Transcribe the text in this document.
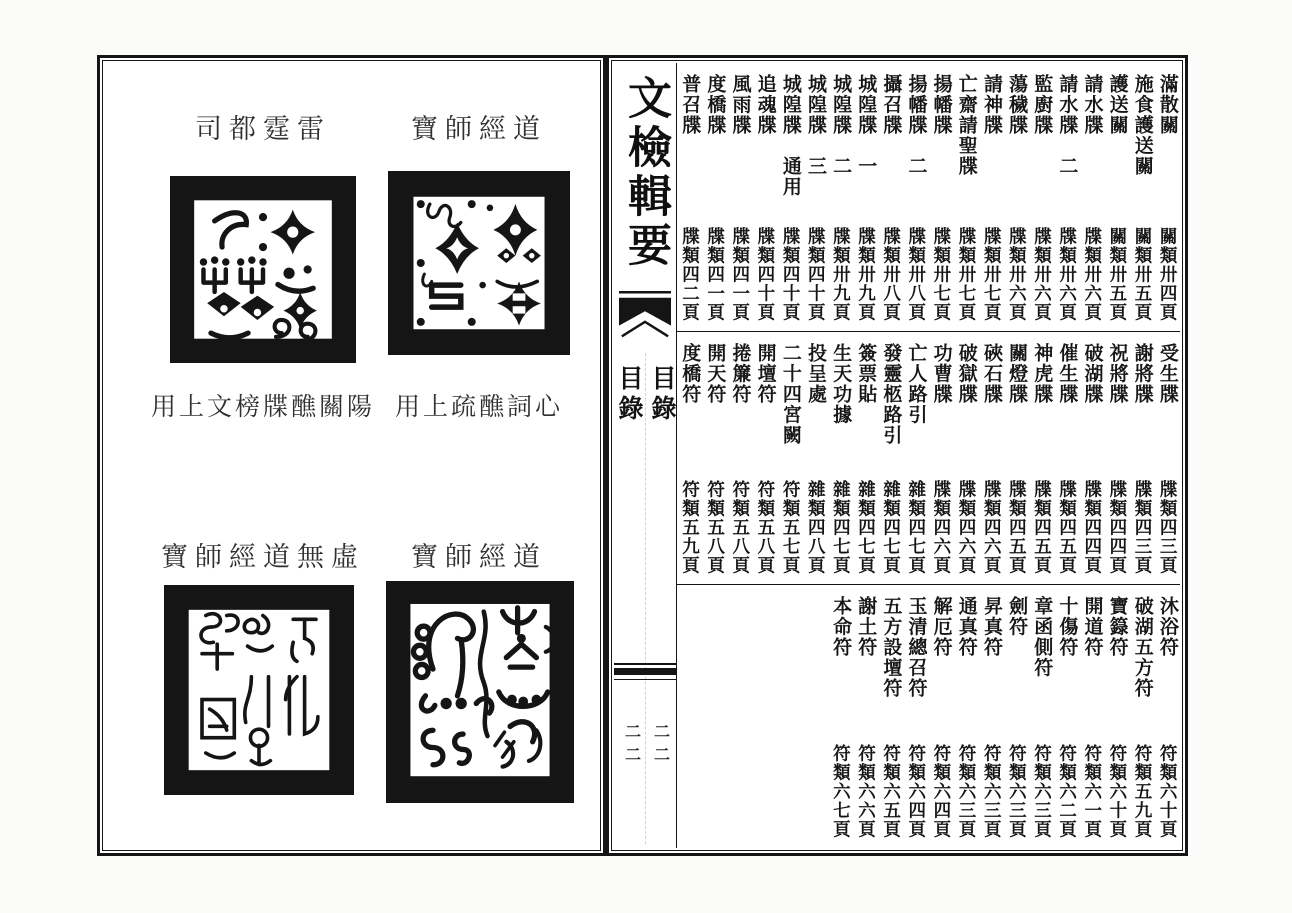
司都霆雷	寶師經道
用上文榜牒醮關陽 用上疏醮詞心
寶師經道無虛	寶師經道
文檢輯要
目錄 目錄
二二 二二
滿散關
關類卅四頁
施食護送關
關類卅五頁
護送關
關類卅五頁
請水牒
牒類卅六頁
請水牒　二
牒類卅六頁
監廚牒
牒類卅六頁
蕩穢牒
牒類卅六頁
請神牒
牒類卅七頁
亡齋請聖牒
牒類卅七頁
揚幡牒
牒類卅七頁
揚幡牒　二
牒類卅八頁
攝召牒
牒類卅八頁
城隍牒　一
牒類卅九頁
城隍牒　二
牒類卅九頁
城隍牒　三
牒類四十頁
城隍牒　通用
牒類四十頁
追魂牒
牒類四十頁
風雨牒
牒類四一頁
度橋牒
牒類四一頁
普召牒
牒類四二頁
受生牒
牒類四三頁
謝將牒
牒類四三頁
祝將牒
牒類四四頁
破湖牒
牒類四四頁
催生牒
牒類四五頁
神虎牒
牒類四五頁
關燈牒
牒類四五頁
硤石牒
牒類四六頁
破獄牒
牒類四六頁
功曹牒
牒類四六頁
亡人路引
雜類四七頁
發靈柩路引
雜類四七頁
簽票貼
雜類四七頁
生天功據
雜類四七頁
投呈處
雜類四八頁
二十四宮闕
符類五七頁
開壇符
符類五八頁
捲簾符
符類五八頁
開天符
符類五八頁
度橋符
符類五九頁
沐浴符
符類六十頁
破湖五方符
符類五九頁
寶籙符
符類六十頁
開道符
符類六一頁
十傷符
符類六二頁
章函側符
符類六三頁
劍符
符類六三頁
昇真符
符類六三頁
通真符
符類六三頁
解厄符
符類六四頁
玉清總召符
符類六四頁
五方設壇符
符類六五頁
謝土符
符類六六頁
本命符
符類六七頁
